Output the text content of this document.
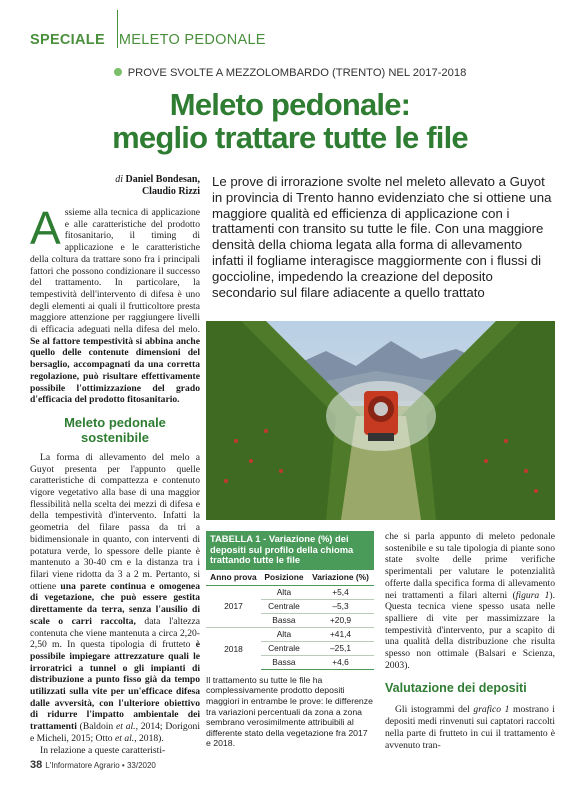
SPECIALE MELETO PEDONALE
PROVE SVOLTE A MEZZOLOMBARDO (TRENTO) NEL 2017-2018
Meleto pedonale:
meglio trattare tutte le file
di Daniel Bondesan,
Claudio Rizzi
Le prove di irrorazione svolte nel meleto allevato a Guyot in provincia di Trento hanno evidenziato che si ottiene una maggiore qualità ed efficienza di applicazione con i trattamenti con transito su tutte le file. Con una maggiore densità della chioma legata alla forma di allevamento infatti il fogliame interagisce maggiormente con i flussi di goccioline, impedendo la creazione del deposito secondario sul filare adiacente a quello trattato

Assieme alla tecnica di applicazione e alle caratteristiche del prodotto fitosanitario, il timing di applicazione e le caratteristiche della coltura da trattare sono fra i principali fattori che possono condizionare il successo del trattamento. In particolare, la tempestività dell'intervento di difesa è uno degli elementi ai quali il frutticoltore presta maggiore attenzione per raggiungere livelli di efficacia adeguati nella difesa del melo. Se al fattore tempestività si abbina anche quello delle contenute dimensioni del bersaglio, accompagnati da una corretta regolazione, può risultare effettivamente possibile l'ottimizzazione del grado d'efficacia del prodotto fitosanitario.

Meleto pedonale
sostenibile

La forma di allevamento del melo a Guyot presenta per l'appunto quelle caratteristiche di compattezza e contenuto vigore vegetativo alla base di una maggior flessibilità nella scelta dei mezzi di difesa e della tempestività d'intervento. Infatti la geometria del filare passa da tri a bidimensionale in quanto, con interventi di potatura verde, lo spessore delle piante è mantenuto a 30-40 cm e la distanza tra i filari viene ridotta da 3 a 2 m. Pertanto, si ottiene una parete continua e omogenea di vegetazione, che può essere gestita direttamente da terra, senza l'ausilio di scale o carri raccolta, data l'altezza contenuta che viene mantenuta a circa 2,20-2,50 m. In questa tipologia di frutteto è possibile impiegare attrezzature quali le irroratrici a tunnel o gli impianti di distribuzione a punto fisso già da tempo utilizzati sulla vite per un'efficace difesa dalle avversità, con l'ulteriore obiettivo di ridurre l'impatto ambientale dei trattamenti (Baldoin et al., 2014; Dorigoni e Micheli, 2015; Otto et al., 2018).

In relazione a queste caratteristi-

TABELLA 1 - Variazione (%) dei depositi sul profilo della chioma trattando tutte le file
Anno prova	Posizione	Variazione (%)
2017	Alta	+5,4
	Centrale	–5,3
	Bassa	+20,9
2018	Alta	+41,4
	Centrale	–25,1
	Bassa	+4,6
Il trattamento su tutte le file ha complessivamente prodotto depositi maggiori in entrambe le prove: le differenze tra variazioni percentuali da zona a zona sembrano verosimilmente attribuibili al differente stato della vegetazione fra 2017 e 2018.

che si parla appunto di meleto pedonale sostenibile e su tale tipologia di piante sono state svolte delle prime verifiche sperimentali per valutare le potenzialità offerte dalla specifica forma di allevamento nei trattamenti a filari alterni (figura 1). Questa tecnica viene spesso usata nelle spalliere di vite per massimizzare la tempestività d'intervento, pur a scapito di una qualità della distribuzione che risulta spesso non ottimale (Balsari e Scienza, 2003).

Valutazione dei depositi

Gli istogrammi del grafico 1 mostrano i depositi medi rinvenuti sui captatori raccolti nella parte di frutteto in cui il trattamento è avvenuto tran-

38 L'Informatore Agrario • 33/2020
